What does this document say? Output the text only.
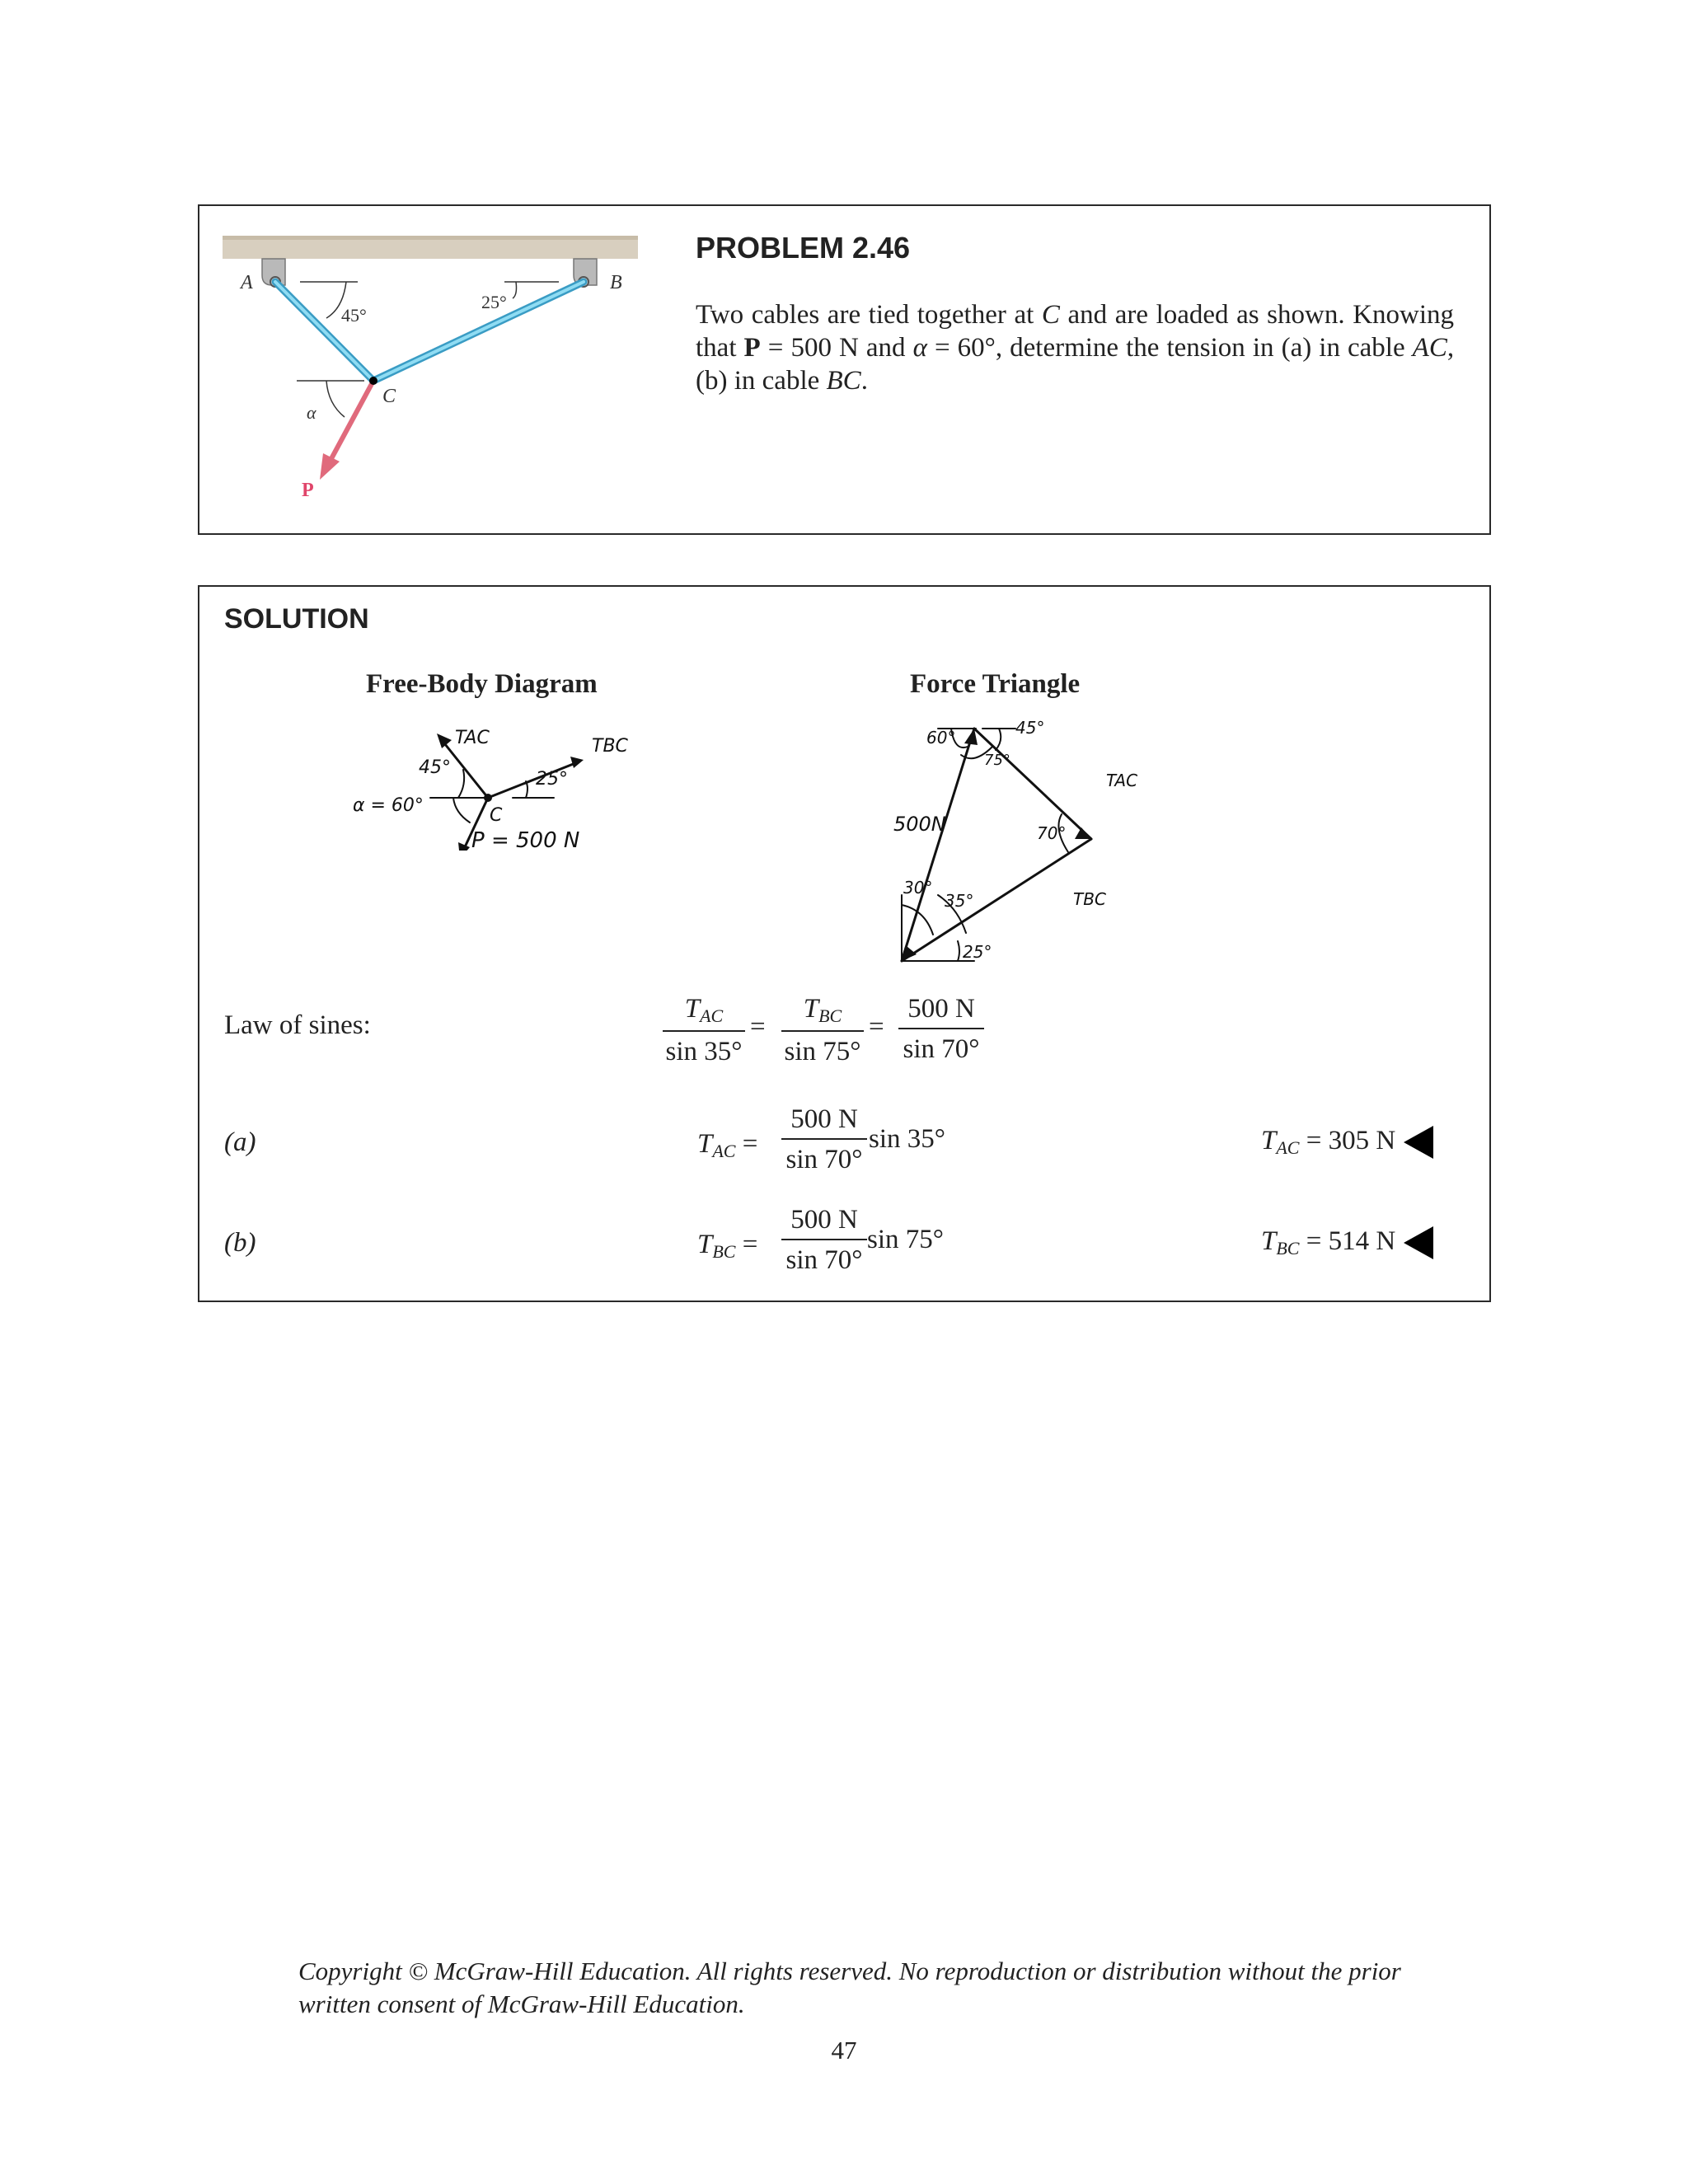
A	B
C
α
P
45°
25°
PROBLEM 2.46
Two cables are tied together at C and are loaded as shown. Knowing that P = 500 N and α = 60°, determine the tension in (a) in cable AC, (b) in cable BC.
SOLUTION
Free-Body Diagram	Force Triangle
TAC	TBC
45°
25°
α = 60°	C
P = 500 N
60°	45°
75°
70°
TAC
500N
30°
35°
25°
TBC
Law of sines:
$T_{AC}$
sin 35°
=
$T_{BC}$
sin 75°
= $\frac{500 N}{\sin 70^\circ}$
(a)	$T_{AC} = \frac{500 N}{\sin 70^\circ}$ sin 35°	$T_{AC} = 305$ N
(b)	$T_{BC} = \frac{500 N}{\sin 70^\circ}$ sin 75°	$T_{BC} = 514$ N
Copyright © McGraw-Hill Education. All rights reserved. No reproduction or distribution without the prior written consent of McGraw-Hill Education.
47
